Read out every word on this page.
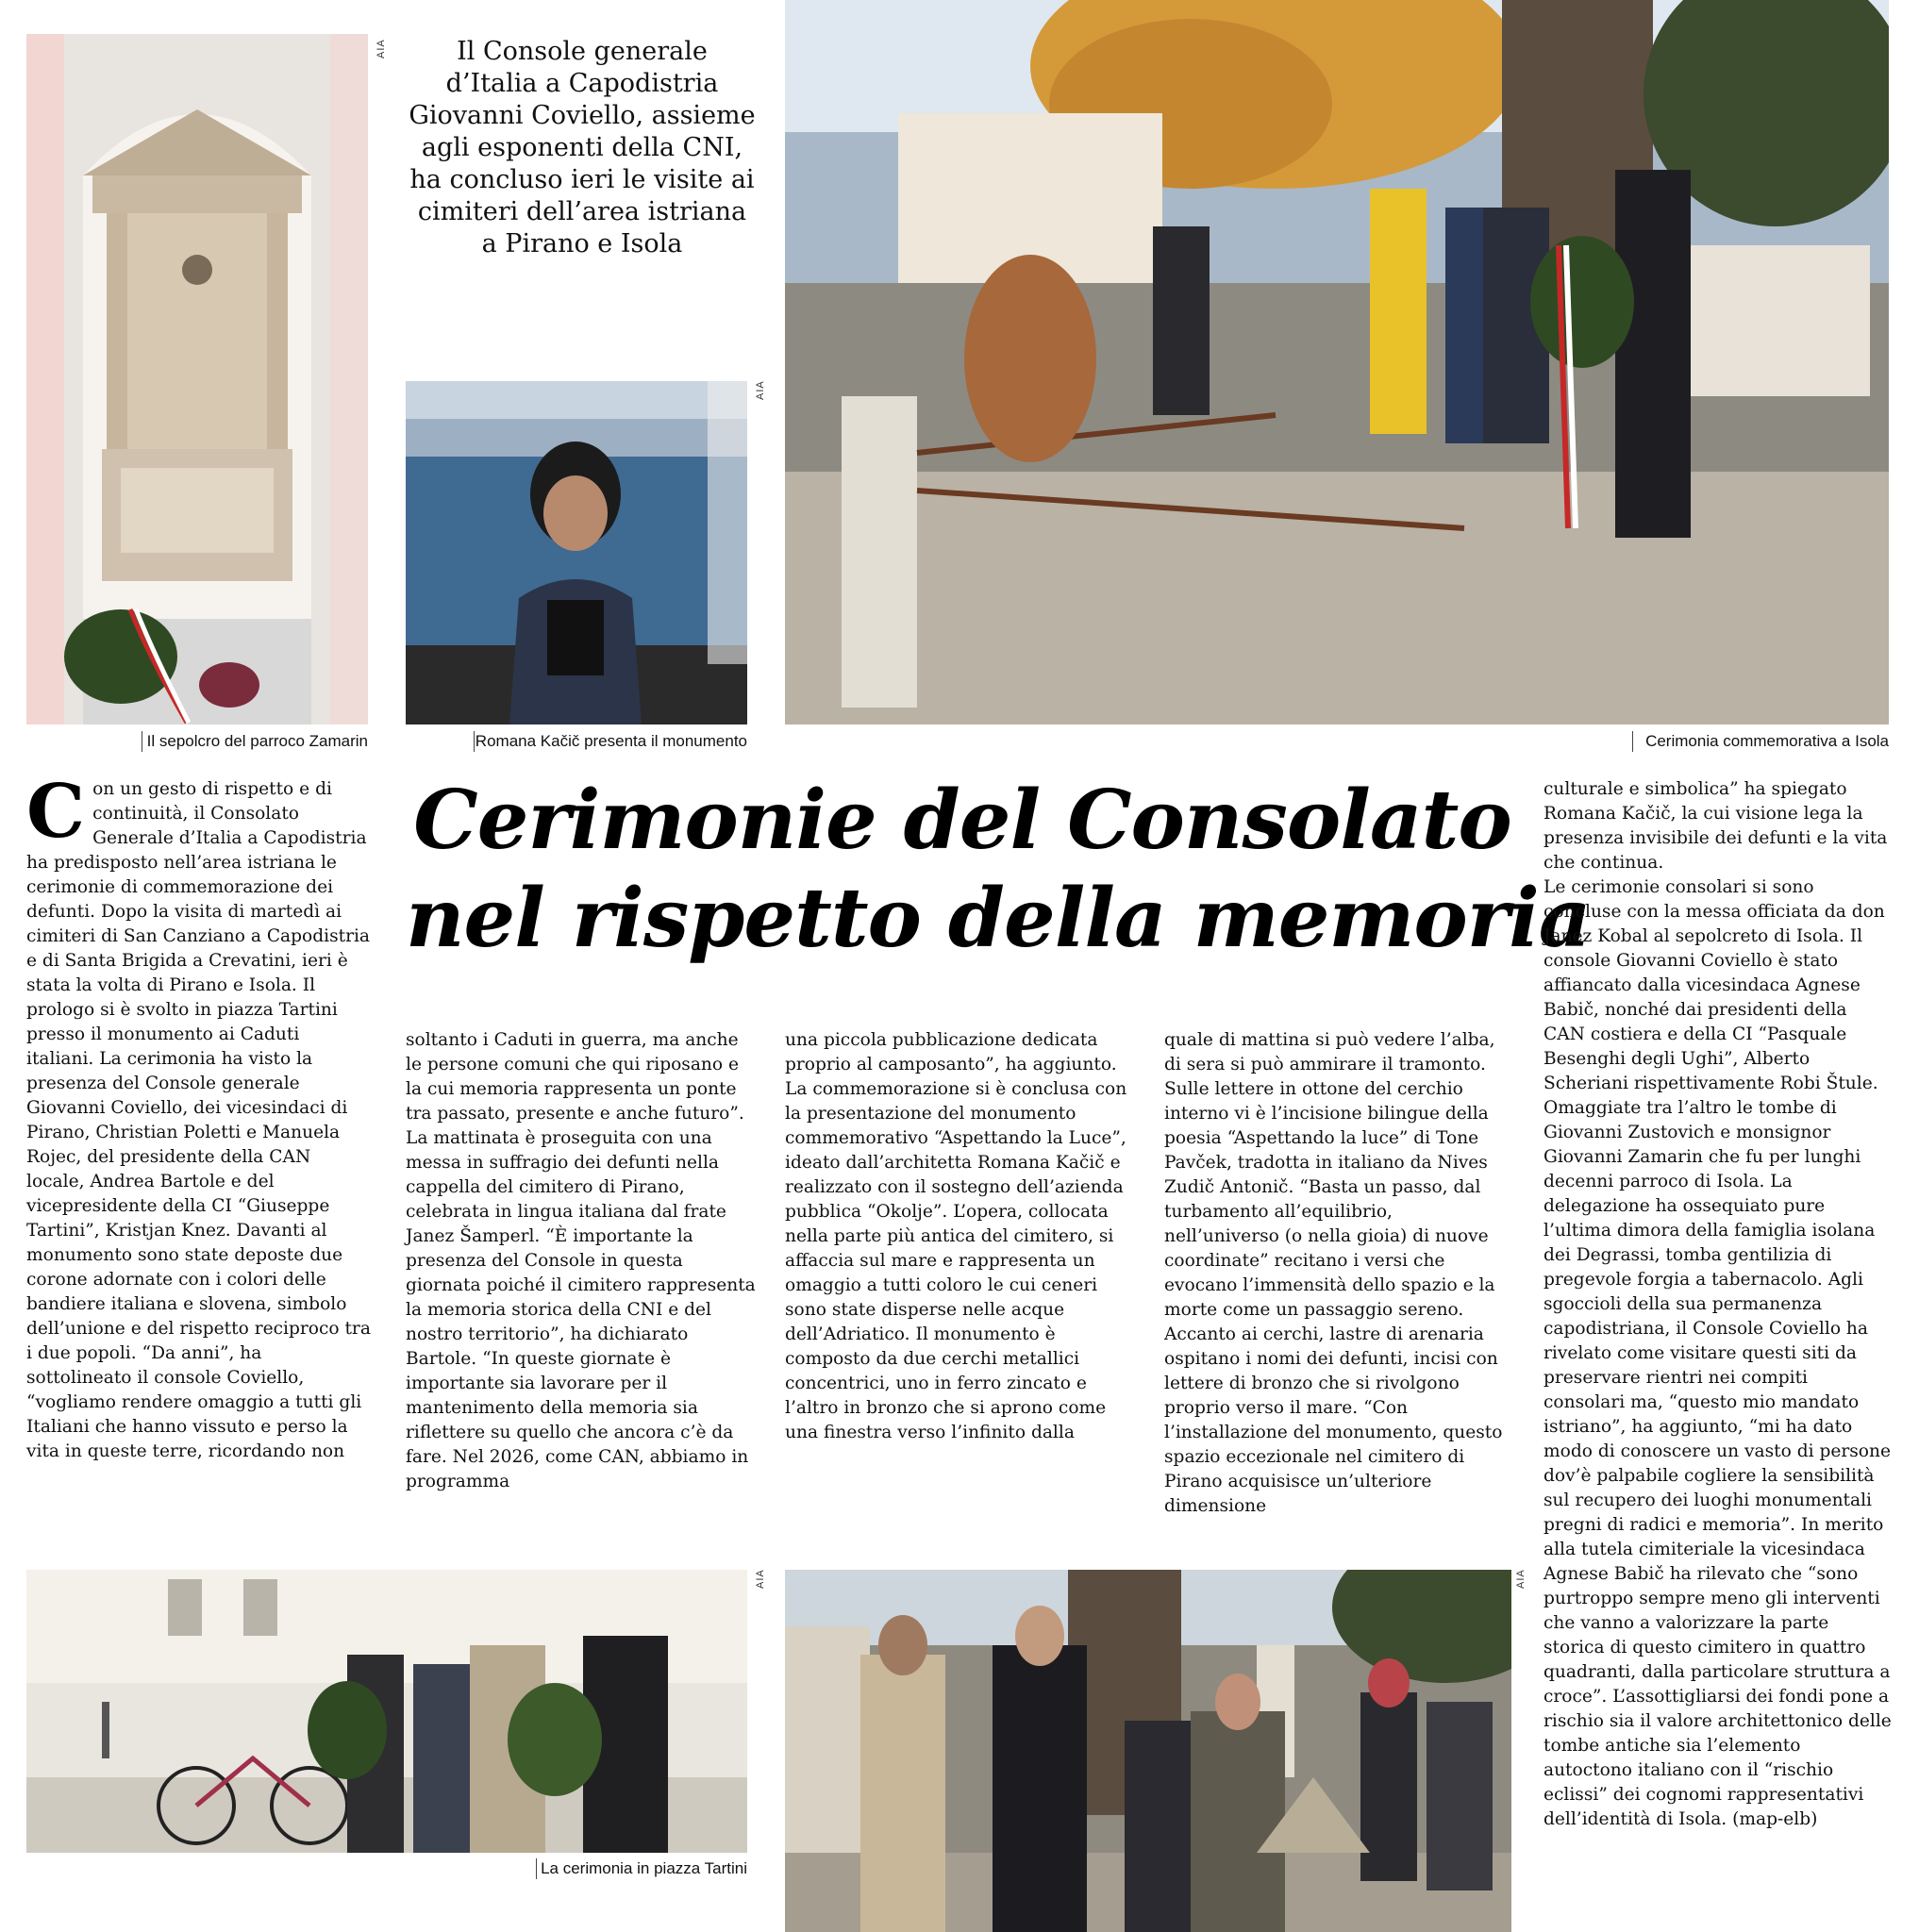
AIA
Il sepolcro del parroco Zamarin
Il Console generale d’Italia a Capodistria Giovanni Coviello, assieme agli esponenti della CNI, ha concluso ieri le visite ai cimiteri dell’area istriana a Pirano e Isola
AIA
Romana Kačič presenta il monumento	Cerimonia commemorativa a Isola
Cerimonie del Consolato
nel rispetto della memoria
Con un gesto di rispetto e di continuità, il Consolato Generale d’Italia a Capodistria ha predisposto nell’area istriana le cerimonie di commemorazione dei defunti. Dopo la visita di martedì ai cimiteri di San Canziano a Capodistria e di Santa Brigida a Crevatini, ieri è stata la volta di Pirano e Isola. Il prologo si è svolto in piazza Tartini presso il monumento ai Caduti italiani. La cerimonia ha visto la presenza del Console generale Giovanni Coviello, dei vicesindaci di Pirano, Christian Poletti e Manuela Rojec, del presidente della CAN locale, Andrea Bartole e del vicepresidente della CI “Giuseppe Tartini”, Kristjan Knez. Davanti al monumento sono state deposte due corone adornate con i colori delle bandiere italiana e slovena, simbolo dell’unione e del rispetto reciproco tra i due popoli. “Da anni”, ha sottolineato il console Coviello, “vogliamo rendere omaggio a tutti gli Italiani che hanno vissuto e perso la vita in queste terre, ricordando non

soltanto i Caduti in guerra, ma anche le persone comuni che qui riposano e la cui memoria rappresenta un ponte tra passato, presente e anche futuro”.

La mattinata è proseguita con una messa in suffragio dei defunti nella cappella del cimitero di Pirano, celebrata in lingua italiana dal frate Janez Šamperl. “È importante la presenza del Console in questa giornata poiché il cimitero rappresenta la memoria storica della CNI e del nostro territorio”, ha dichiarato Bartole. “In queste giornate è importante sia lavorare per il mantenimento della memoria sia riflettere su quello che ancora c’è da fare. Nel 2026, come CAN, abbiamo in programma

una piccola pubblicazione dedicata proprio al camposanto”, ha aggiunto.

La commemorazione si è conclusa con la presentazione del monumento commemorativo “Aspettando la Luce”, ideato dall’architetta Romana Kačič e realizzato con il sostegno dell’azienda pubblica “Okolje”. L’opera, collocata nella parte più antica del cimitero, si affaccia sul mare e rappresenta un omaggio a tutti coloro le cui ceneri sono state disperse nelle acque dell’Adriatico. Il monumento è composto da due cerchi metallici concentrici, uno in ferro zincato e l’altro in bronzo che si aprono come una finestra verso l’infinito dalla

quale di mattina si può vedere l’alba, di sera si può ammirare il tramonto. Sulle lettere in ottone del cerchio interno vi è l’incisione bilingue della poesia “Aspettando la luce” di Tone Pavček, tradotta in italiano da Nives Zudič Antonič. “Basta un passo, dal turbamento all’equilibrio, nell’universo (o nella gioia) di nuove coordinate” recitano i versi che evocano l’immensità dello spazio e la morte come un passaggio sereno. Accanto ai cerchi, lastre di arenaria ospitano i nomi dei defunti, incisi con lettere di bronzo che si rivolgono proprio verso il mare. “Con l’installazione del monumento, questo spazio eccezionale nel cimitero di Pirano acquisisce un’ulteriore dimensione

culturale e simbolica” ha spiegato Romana Kačič, la cui visione lega la presenza invisibile dei defunti e la vita che continua.

Le cerimonie consolari si sono concluse con la messa officiata da don Janez Kobal al sepolcreto di Isola. Il console Giovanni Coviello è stato affiancato dalla vicesindaca Agnese Babič, nonché dai presidenti della CAN costiera e della CI “Pasquale Besenghi degli Ughi”, Alberto Scheriani rispettivamente Robi Štule. Omaggiate tra l’altro le tombe di Giovanni Zustovich e monsignor Giovanni Zamarin che fu per lunghi decenni parroco di Isola. La delegazione ha ossequiato pure l’ultima dimora della famiglia isolana dei Degrassi, tomba gentilizia di pregevole forgia a tabernacolo. Agli sgoccioli della sua permanenza capodistriana, il Console Coviello ha rivelato come visitare questi siti da preservare rientri nei compiti consolari ma, “questo mio mandato istriano”, ha aggiunto, “mi ha dato modo di conoscere un vasto di persone dov’è palpabile cogliere la sensibilità sul recupero dei luoghi monumentali pregni di radici e memoria”. In merito alla tutela cimiteriale la vicesindaca Agnese Babič ha rilevato che “sono purtroppo sempre meno gli interventi che vanno a valorizzare la parte storica di questo cimitero in quattro quadranti, dalla particolare struttura a croce”. L’assottigliarsi dei fondi pone a rischio sia il valore architettonico delle tombe antiche sia l’elemento autoctono italiano con il “rischio eclissi” dei cognomi rappresentativi dell’identità di Isola. (map-elb)

AIA
La cerimonia in piazza Tartini
AIA
